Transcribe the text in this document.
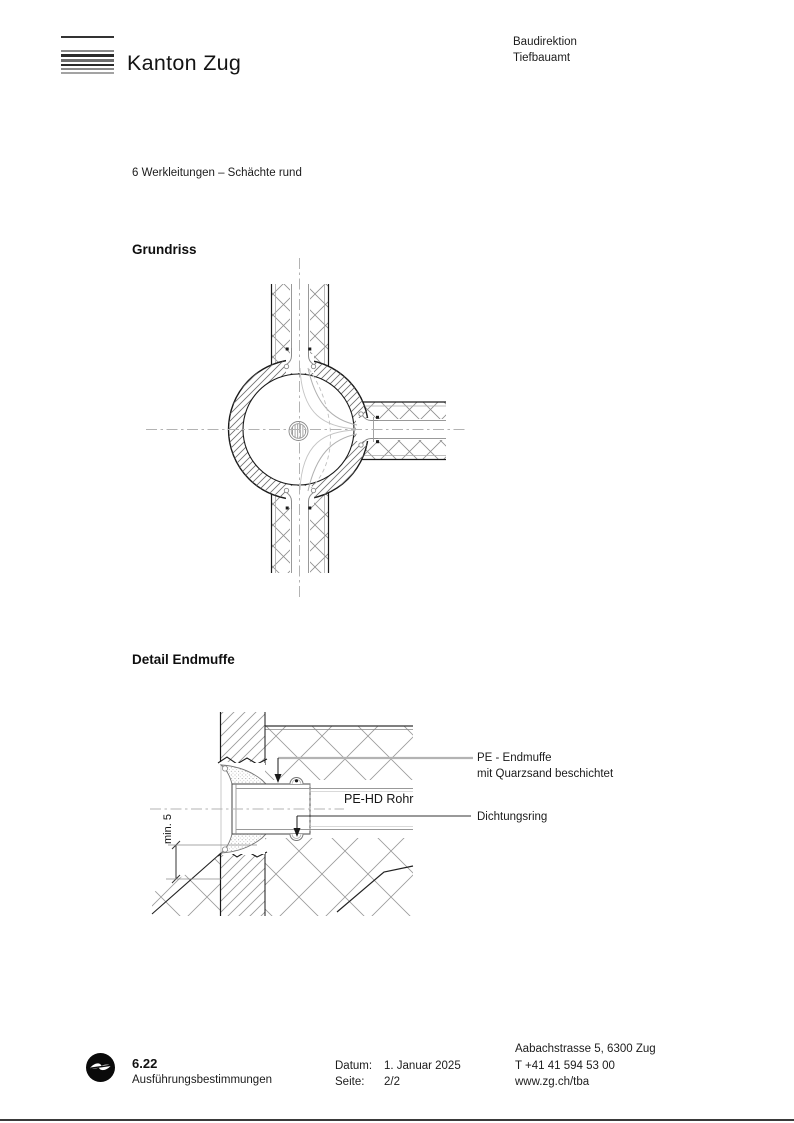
Kanton Zug
Baudirektion
Tiefbauamt
6 Werkleitungen – Schächte rund
Grundriss
Detail Endmuffe
min. 5
PE-HD Rohr
PE - Endmuffe
mit Quarzsand beschichtet
Dichtungsring
6.22
Ausführungsbestimmungen
Datum: 1. Januar 2025
Seite: 2/2
Aabachstrasse 5, 6300 Zug
T +41 41 594 53 00
www.zg.ch/tba
